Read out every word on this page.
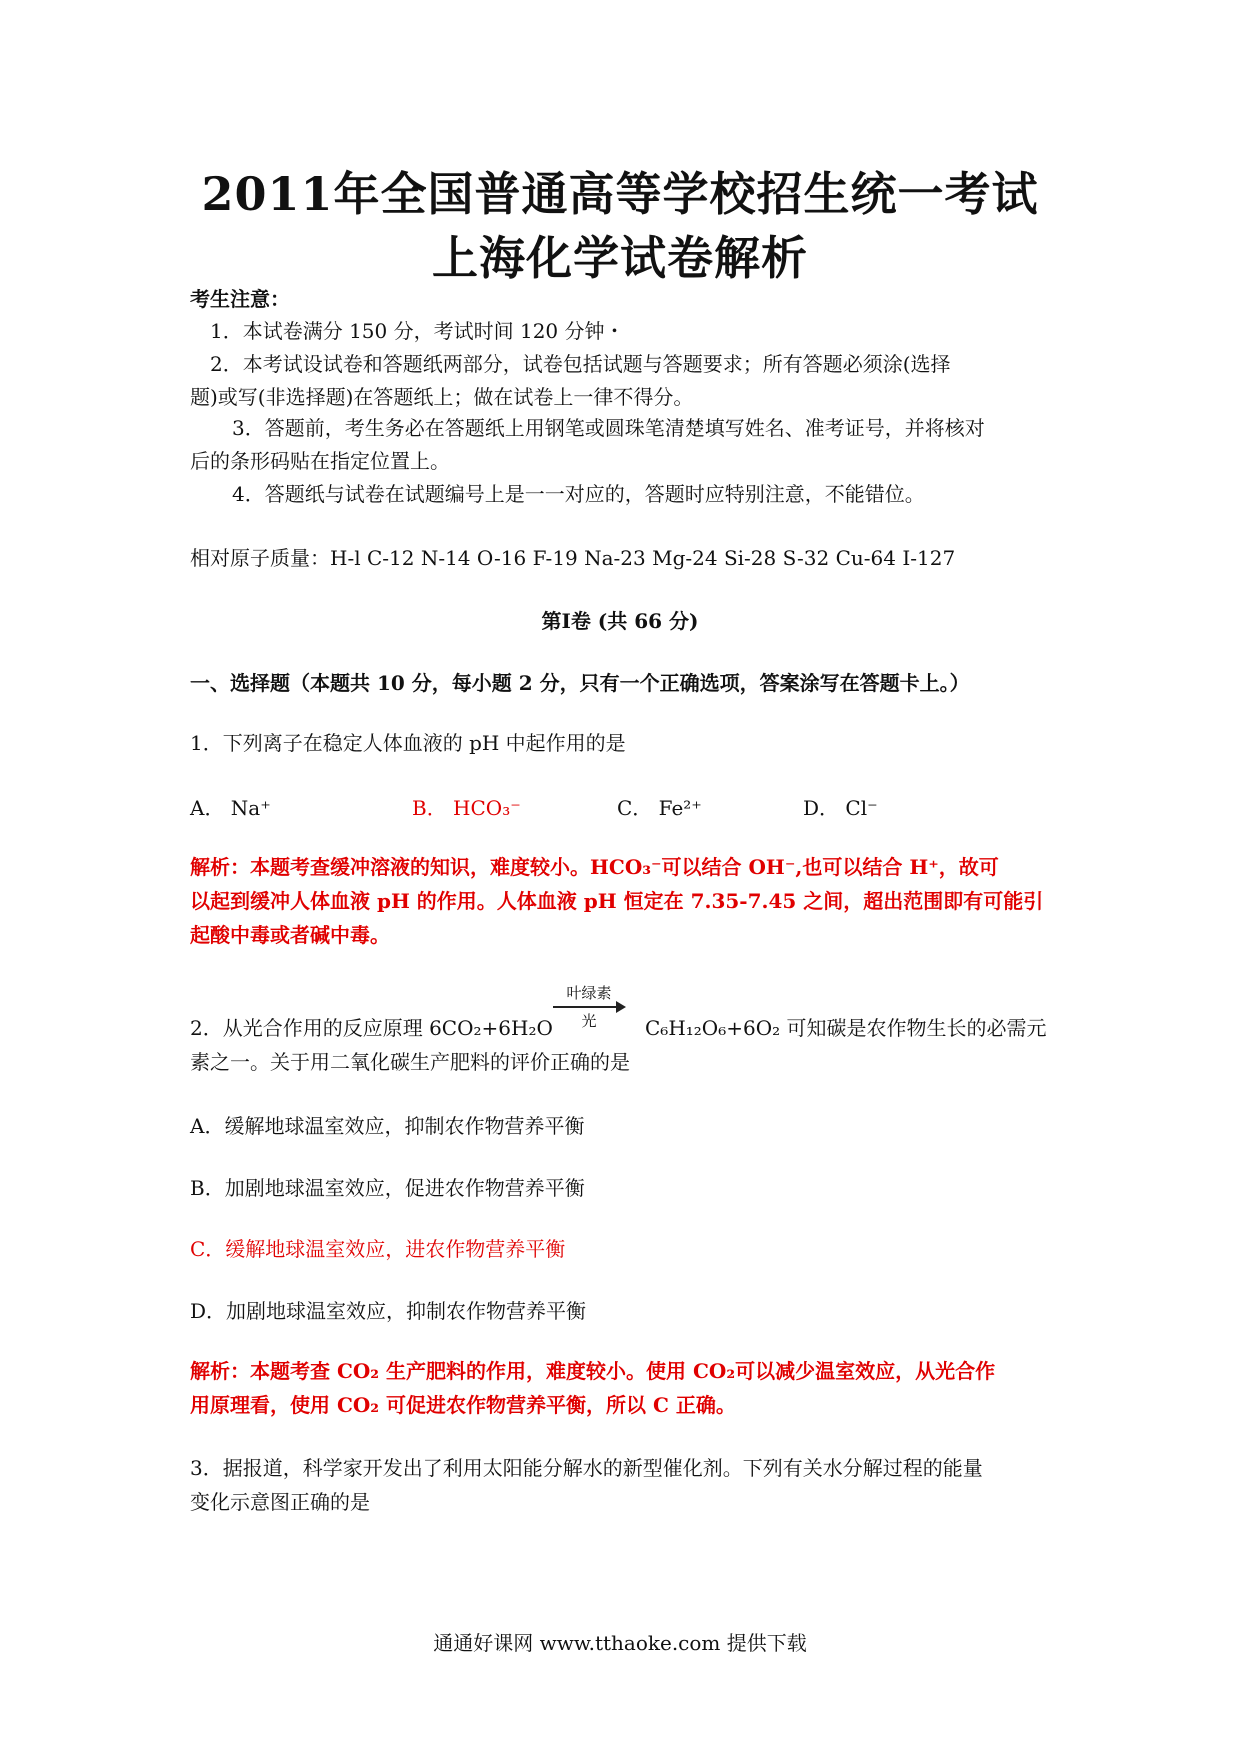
2011年全国普通高等学校招生统一考试
上海化学试卷解析
考生注意：
1．本试卷满分 150 分，考试时间 120 分钟・
2．本考试设试卷和答题纸两部分，试卷包括试题与答题要求；所有答题必须涂(选择
题)或写(非选择题)在答题纸上；做在试卷上一律不得分。
3．答题前，考生务必在答题纸上用钢笔或圆珠笔清楚填写姓名、准考证号，并将核对
后的条形码贴在指定位置上。
4．答题纸与试卷在试题编号上是一一对应的，答题时应特别注意，不能错位。
相对原子质量：H-l C-12 N-14 O-16 F-19 Na-23 Mg-24 Si-28 S-32 Cu-64 I-127
第I卷 (共 66 分)
一、选择题（本题共 10 分，每小题 2 分，只有一个正确选项，答案涂写在答题卡上。）
1．下列离子在稳定人体血液的 pH 中起作用的是
A． Na⁺	B． HCO₃⁻	C． Fe²⁺	D． Cl⁻
解析：本题考查缓冲溶液的知识，难度较小。HCO₃⁻可以结合 OH⁻,也可以结合 H⁺，故可
以起到缓冲人体血液 pH 的作用。人体血液 pH 恒定在 7.35-7.45 之间，超出范围即有可能引
起酸中毒或者碱中毒。
2．从光合作用的反应原理 6CO₂+6H₂O
叶绿素
光	C₆H₁₂O₆+6O₂ 可知碳是农作物生长的必需元
素之一。关于用二氧化碳生产肥料的评价正确的是
A．缓解地球温室效应，抑制农作物营养平衡
B．加剧地球温室效应，促进农作物营养平衡
C．缓解地球温室效应，进农作物营养平衡
D．加剧地球温室效应，抑制农作物营养平衡
解析：本题考查 CO₂ 生产肥料的作用，难度较小。使用 CO₂可以减少温室效应，从光合作
用原理看，使用 CO₂ 可促进农作物营养平衡，所以 C 正确。
3．据报道，科学家开发出了利用太阳能分解水的新型催化剂。下列有关水分解过程的能量
变化示意图正确的是
通通好课网 www.tthaoke.com 提供下载
